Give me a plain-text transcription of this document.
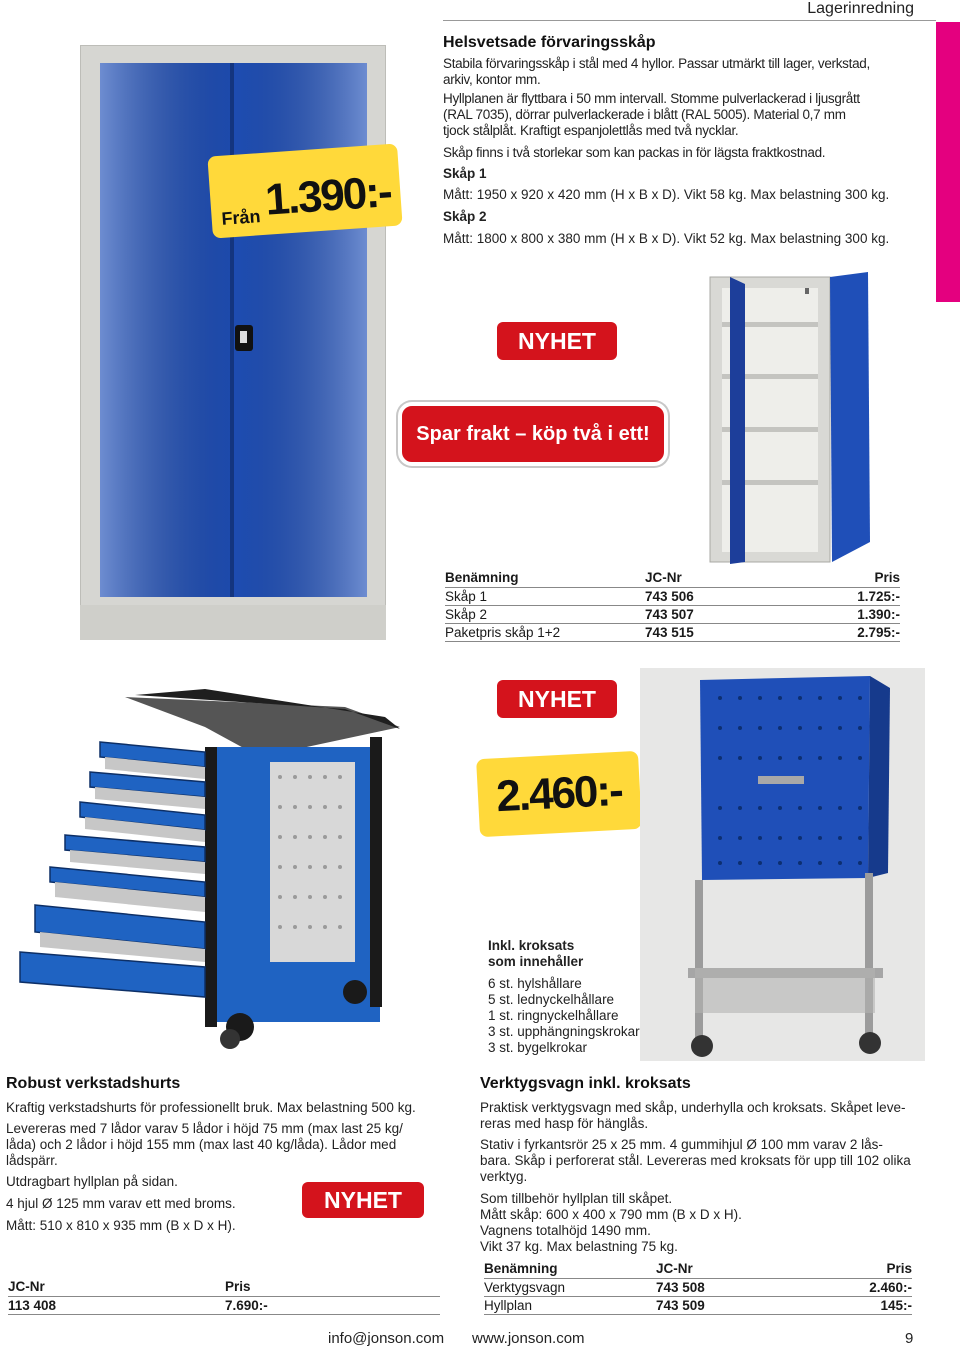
Lagerinredning
Från 1.390:-
Helsvetsade förvaringsskåp
Stabila förvaringsskåp i stål med 4 hyllor. Passar utmärkt till lager, verkstad,
arkiv, kontor mm.
Hyllplanen är flyttbara i 50 mm intervall. Stomme pulverlackerad i ljusgrått
(RAL 7035), dörrar pulverlackerade i blått (RAL 5005). Material 0,7 mm
tjock stålplåt. Kraftigt espanjolettlås med två nycklar.
Skåp finns i två storlekar som kan packas in för lägsta fraktkostnad.
Skåp 1
Mått: 1950 x 920 x 420 mm (H x B x D). Vikt 58 kg. Max belastning 300 kg.
Skåp 2
Mått: 1800 x 800 x 380 mm (H x B x D). Vikt 52 kg. Max belastning 300 kg.
NYHET
Spar frakt – köp två i ett!
Benämning	JC-Nr	Pris
Skåp 1	743 506	1.725:-
Skåp 2	743 507	1.390:-
Paketpris skåp 1+2	743 515	2.795:-
NYHET
2.460:-
Inkl. kroksats
som innehåller
6 st. hylshållare
5 st. lednyckelhållare
1 st. ringnyckelhållare
3 st. upphängningskrokar
3 st. bygelkrokar
Robust verkstadshurts
Kraftig verkstadshurts för professionellt bruk. Max belastning 500 kg.
Levereras med 7 lådor varav 5 lådor i höjd 75 mm (max last 25 kg/
låda) och 2 lådor i höjd 155 mm (max last 40 kg/låda). Lådor med
lådspärr.
Utdragbart hyllplan på sidan.
4 hjul Ø 125 mm varav ett med broms.
Mått: 510 x 810 x 935 mm (B x D x H).
NYHET
JC-Nr	Pris
113 408	7.690:-
Verktygsvagn inkl. kroksats
Praktisk verktygsvagn med skåp, underhylla och kroksats. Skåpet leve-
reras med hasp för hänglås.
Stativ i fyrkantsrör 25 x 25 mm. 4 gummihjul Ø 100 mm varav 2 lås-
bara. Skåp i perforerat stål. Levereras med kroksats för upp till 102 olika
verktyg.
Som tillbehör hyllplan till skåpet.
Mått skåp: 600 x 400 x 790 mm (B x D x H).
Vagnens totalhöjd 1490 mm.
Vikt 37 kg. Max belastning 75 kg.
Benämning	JC-Nr	Pris
Verktygsvagn	743 508	2.460:-
Hyllplan	743 509	145:-
info@jonson.com www.jonson.com	9
